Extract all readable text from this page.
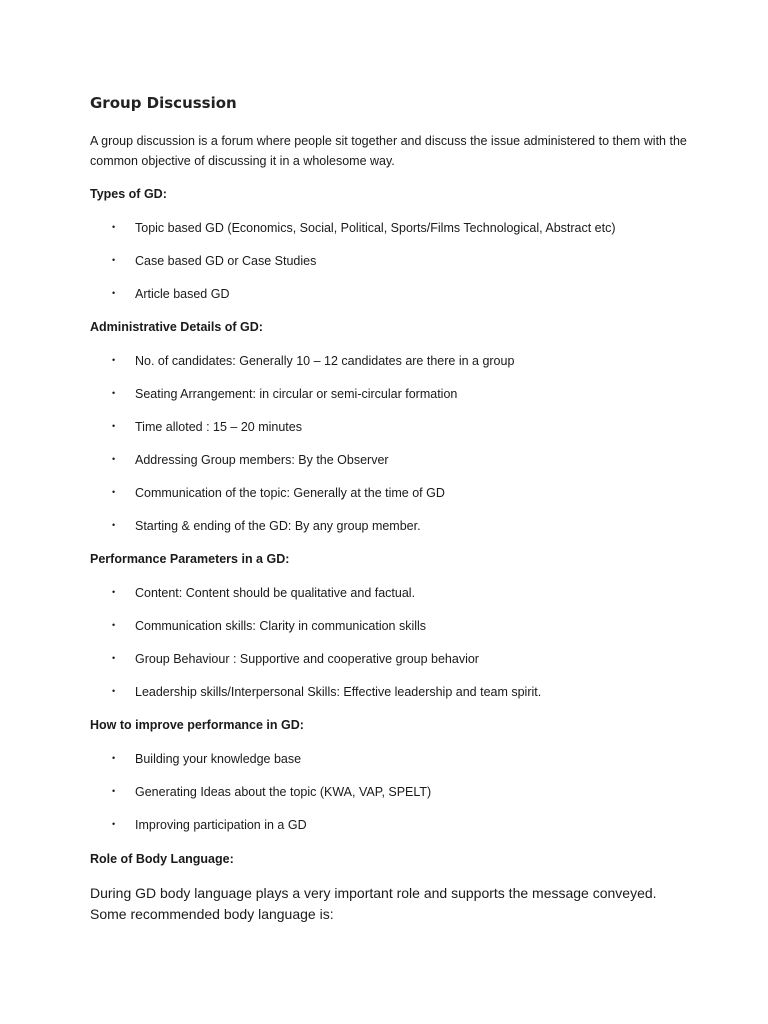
Group Discussion

A group discussion is a forum where people sit together and discuss the issue administered to them with the common objective of discussing it in a wholesome way.

Types of GD:

• Topic based GD (Economics, Social, Political, Sports/Films Technological, Abstract etc)
• Case based GD or Case Studies
• Article based GD

Administrative Details of GD:

• No. of candidates: Generally 10 – 12 candidates are there in a group
• Seating Arrangement: in circular or semi-circular formation
• Time alloted : 15 – 20 minutes
• Addressing Group members: By the Observer
• Communication of the topic: Generally at the time of GD
• Starting & ending of the GD: By any group member.

Performance Parameters in a GD:

• Content: Content should be qualitative and factual.
• Communication skills: Clarity in communication skills
• Group Behaviour : Supportive and cooperative group behavior
• Leadership skills/Interpersonal Skills: Effective leadership and team spirit.

How to improve performance in GD:

• Building your knowledge base
• Generating Ideas about the topic (KWA, VAP, SPELT)
• Improving participation in a GD

Role of Body Language:

During GD body language plays a very important role and supports the message conveyed. Some recommended body language is:
